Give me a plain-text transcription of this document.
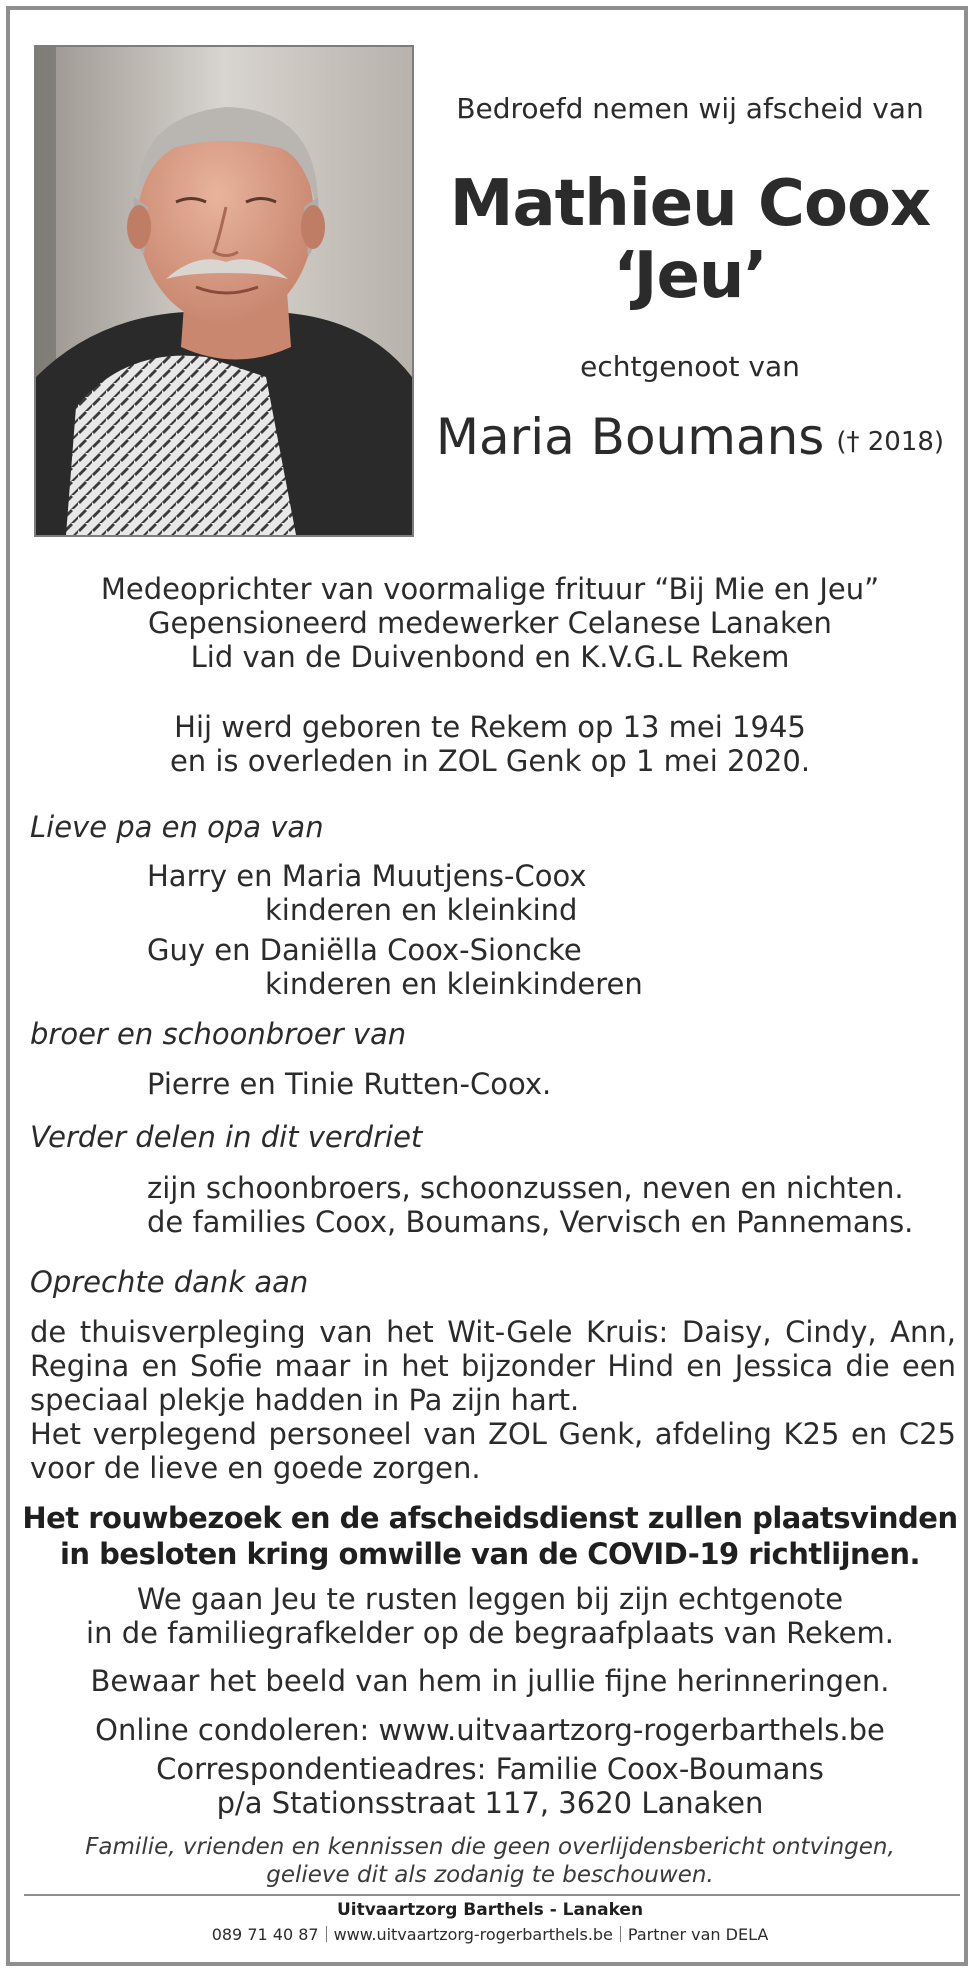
Bedroefd nemen wij afscheid van

Mathieu Coox

‘Jeu’

echtgenoot van
Maria Boumans († 2018)

Medeoprichter van voormalige frituur “Bij Mie en Jeu”

Gepensioneerd medewerker Celanese Lanaken

Lid van de Duivenbond en K.V.G.L Rekem

Hij werd geboren te Rekem op 13 mei 1945

en is overleden in ZOL Genk op 1 mei 2020.

Lieve pa en opa van
Harry en Maria Muutjens-Coox
kinderen en kleinkind
Guy en Daniëlla Coox-Sioncke
kinderen en kleinkinderen
broer en schoonbroer van
Pierre en Tinie Rutten-Coox.
Verder delen in dit verdriet
zijn schoonbroers, schoonzussen, neven en nichten.
de families Coox, Boumans, Vervisch en Pannemans.
Oprechte dank aan
de thuisverpleging van het Wit-Gele Kruis: Daisy, Cindy, Ann, Regina en Sofie maar in het bijzonder Hind en Jessica die een speciaal plekje hadden in Pa zijn hart.
Het verplegend personeel van ZOL Genk, afdeling K25 en C25 voor de lieve en goede zorgen.

Het rouwbezoek en de afscheidsdienst zullen plaatsvinden

in besloten kring omwille van de COVID-19 richtlijnen.

We gaan Jeu te rusten leggen bij zijn echtgenote

in de familiegrafkelder op de begraafplaats van Rekem.

Bewaar het beeld van hem in jullie fijne herinneringen.
Online condoleren: www.uitvaartzorg-rogerbarthels.be

Correspondentieadres: Familie Coox-Boumans

p/a Stationsstraat 117, 3620 Lanaken

Familie, vrienden en kennissen die geen overlijdensbericht ontvingen,

gelieve dit als zodanig te beschouwen.

Uitvaartzorg Barthels - Lanaken
089 71 40 87 www.uitvaartzorg-rogerbarthels.be Partner van DELA
